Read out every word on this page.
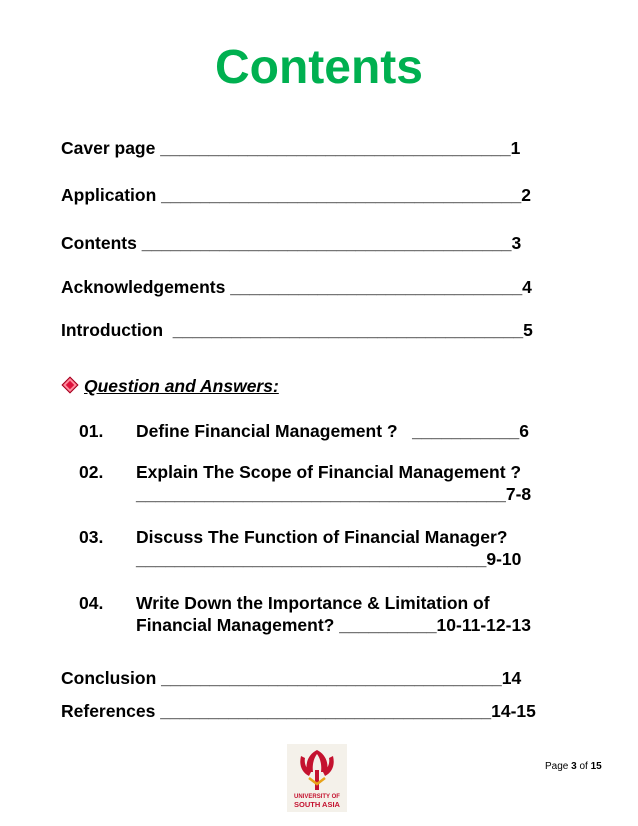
Contents
Caver page ____________________________________1
Application _____________________________________2
Contents ______________________________________3
Acknowledgements ______________________________4
Introduction  ____________________________________5
Question and Answers:
01. Define Financial Management ?   ___________6
02. Explain The Scope of Financial Management ?
______________________________________7-8
03. Discuss The Function of Financial Manager?
____________________________________9-10
04. Write Down the Importance & Limitation of
Financial Management? __________10-11-12-13
Conclusion ___________________________________14
References __________________________________14-15
UNIVERSITY OF
SOUTH ASIA
Page 3 of 15
